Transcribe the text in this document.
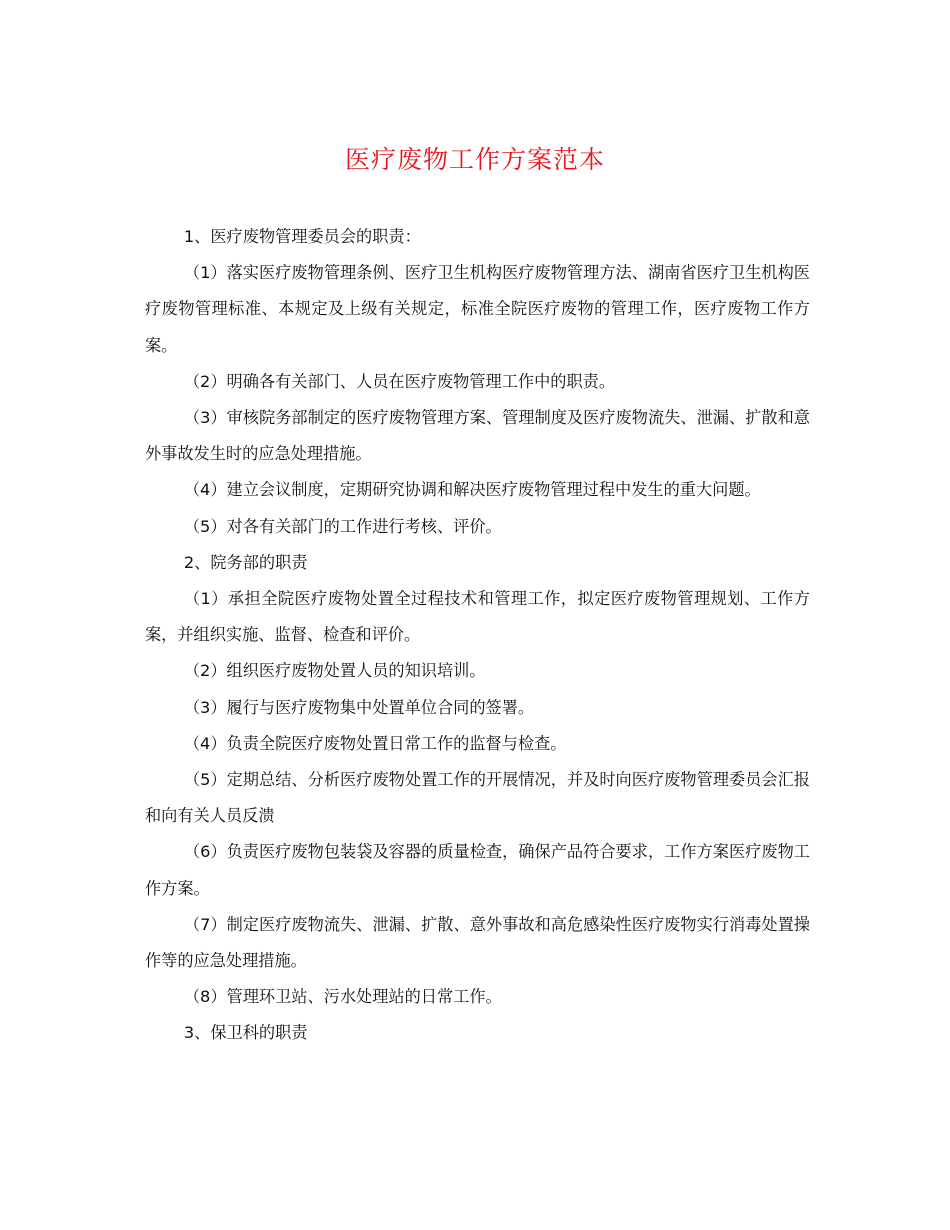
医疗废物工作方案范本

1、医疗废物管理委员会的职责：

（1）落实医疗废物管理条例、医疗卫生机构医疗废物管理方法、湖南省医疗卫生机构医疗废物管理标准、本规定及上级有关规定，标准全院医疗废物的管理工作，医疗废物工作方案。

（2）明确各有关部门、人员在医疗废物管理工作中的职责。

（3）审核院务部制定的医疗废物管理方案、管理制度及医疗废物流失、泄漏、扩散和意外事故发生时的应急处理措施。

（4）建立会议制度，定期研究协调和解决医疗废物管理过程中发生的重大问题。

（5）对各有关部门的工作进行考核、评价。

2、院务部的职责

（1）承担全院医疗废物处置全过程技术和管理工作，拟定医疗废物管理规划、工作方案，并组织实施、监督、检查和评价。

（2）组织医疗废物处置人员的知识培训。

（3）履行与医疗废物集中处置单位合同的签署。

（4）负责全院医疗废物处置日常工作的监督与检查。

（5）定期总结、分析医疗废物处置工作的开展情况，并及时向医疗废物管理委员会汇报和向有关人员反溃

（6）负责医疗废物包装袋及容器的质量检查，确保产品符合要求，工作方案医疗废物工作方案。

（7）制定医疗废物流失、泄漏、扩散、意外事故和高危感染性医疗废物实行消毒处置操作等的应急处理措施。

（8）管理环卫站、污水处理站的日常工作。

3、保卫科的职责
